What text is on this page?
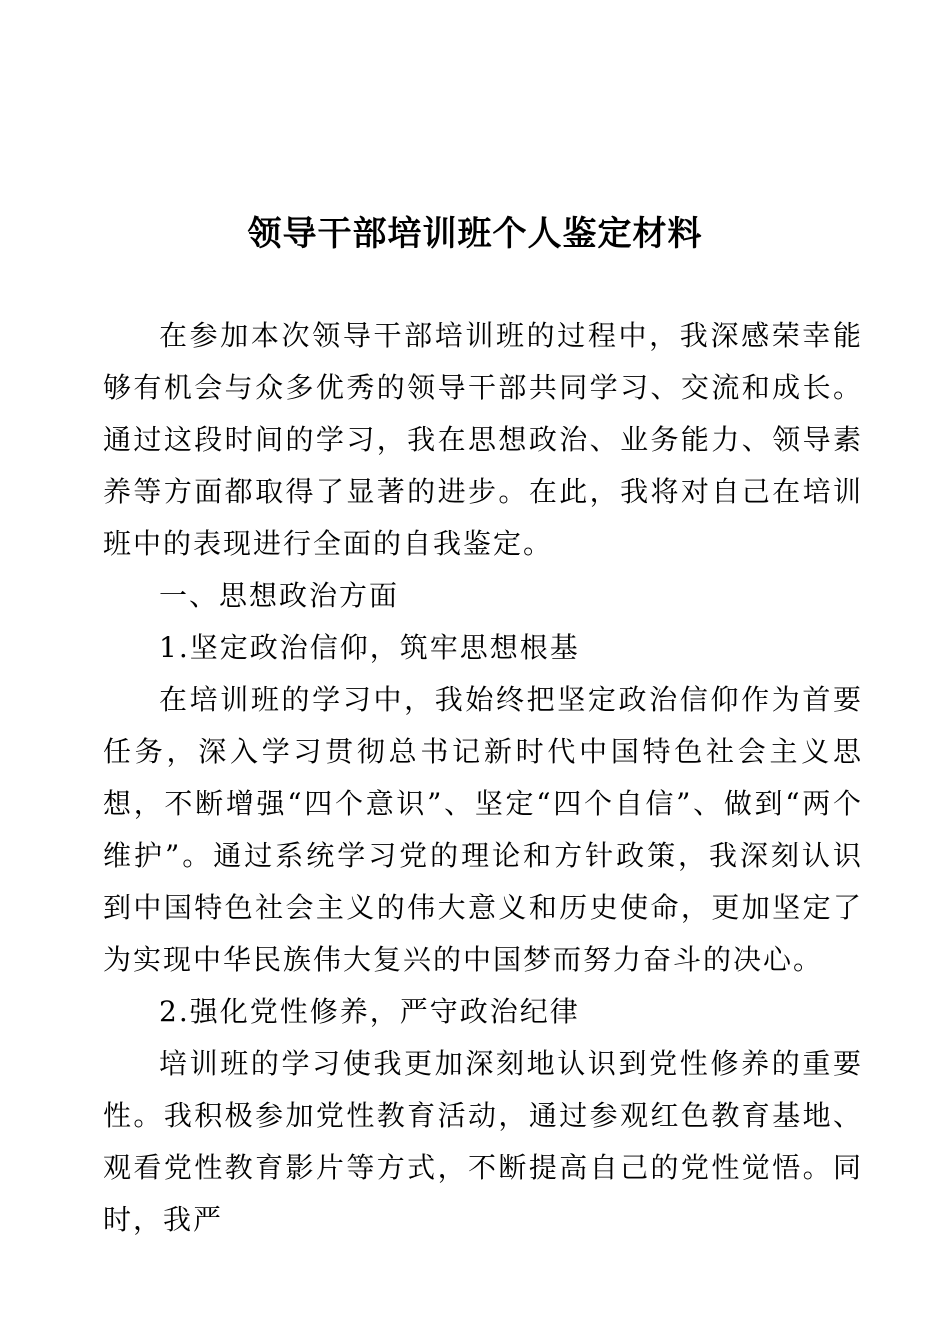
领导干部培训班个人鉴定材料

在参加本次领导干部培训班的过程中，我深感荣幸能够有机会与众多优秀的领导干部共同学习、交流和成长。通过这段时间的学习，我在思想政治、业务能力、领导素养等方面都取得了显著的进步。在此，我将对自己在培训班中的表现进行全面的自我鉴定。

一、思想政治方面

1.坚定政治信仰，筑牢思想根基

在培训班的学习中，我始终把坚定政治信仰作为首要任务，深入学习贯彻总书记新时代中国特色社会主义思想，不断增强“四个意识”、坚定“四个自信”、做到“两个维护”。通过系统学习党的理论和方针政策，我深刻认识到中国特色社会主义的伟大意义和历史使命，更加坚定了为实现中华民族伟大复兴的中国梦而努力奋斗的决心。

2.强化党性修养，严守政治纪律

培训班的学习使我更加深刻地认识到党性修养的重要性。我积极参加党性教育活动，通过参观红色教育基地、观看党性教育影片等方式，不断提高自己的党性觉悟。同时，我严
